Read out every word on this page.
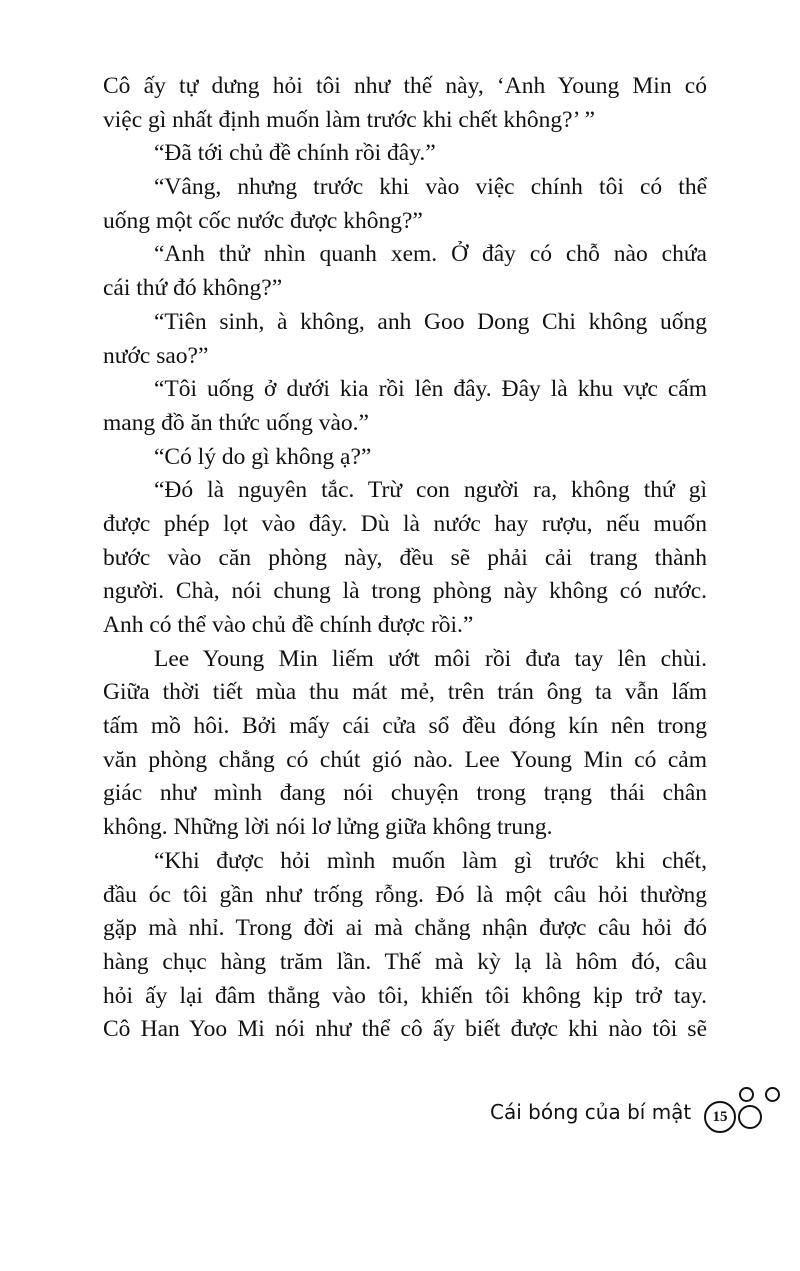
Cô ấy tự dưng hỏi tôi như thế này, ‘Anh Young Min có
việc gì nhất định muốn làm trước khi chết không?’ ”
“Đã tới chủ đề chính rồi đây.”
“Vâng, nhưng trước khi vào việc chính tôi có thể
uống một cốc nước được không?”
“Anh thử nhìn quanh xem. Ở đây có chỗ nào chứa
cái thứ đó không?”
“Tiên sinh, à không, anh Goo Dong Chi không uống
nước sao?”
“Tôi uống ở dưới kia rồi lên đây. Đây là khu vực cấm
mang đồ ăn thức uống vào.”
“Có lý do gì không ạ?”
“Đó là nguyên tắc. Trừ con người ra, không thứ gì
được phép lọt vào đây. Dù là nước hay rượu, nếu muốn
bước vào căn phòng này, đều sẽ phải cải trang thành
người. Chà, nói chung là trong phòng này không có nước.
Anh có thể vào chủ đề chính được rồi.”
Lee Young Min liếm ướt môi rồi đưa tay lên chùi.
Giữa thời tiết mùa thu mát mẻ, trên trán ông ta vẫn lấm
tấm mồ hôi. Bởi mấy cái cửa sổ đều đóng kín nên trong
văn phòng chẳng có chút gió nào. Lee Young Min có cảm
giác như mình đang nói chuyện trong trạng thái chân
không. Những lời nói lơ lửng giữa không trung.
“Khi được hỏi mình muốn làm gì trước khi chết,
đầu óc tôi gần như trống rỗng. Đó là một câu hỏi thường
gặp mà nhỉ. Trong đời ai mà chẳng nhận được câu hỏi đó
hàng chục hàng trăm lần. Thế mà kỳ lạ là hôm đó, câu
hỏi ấy lại đâm thẳng vào tôi, khiến tôi không kịp trở tay.
Cô Han Yoo Mi nói như thể cô ấy biết được khi nào tôi sẽ
Cái bóng của bí mật	15
